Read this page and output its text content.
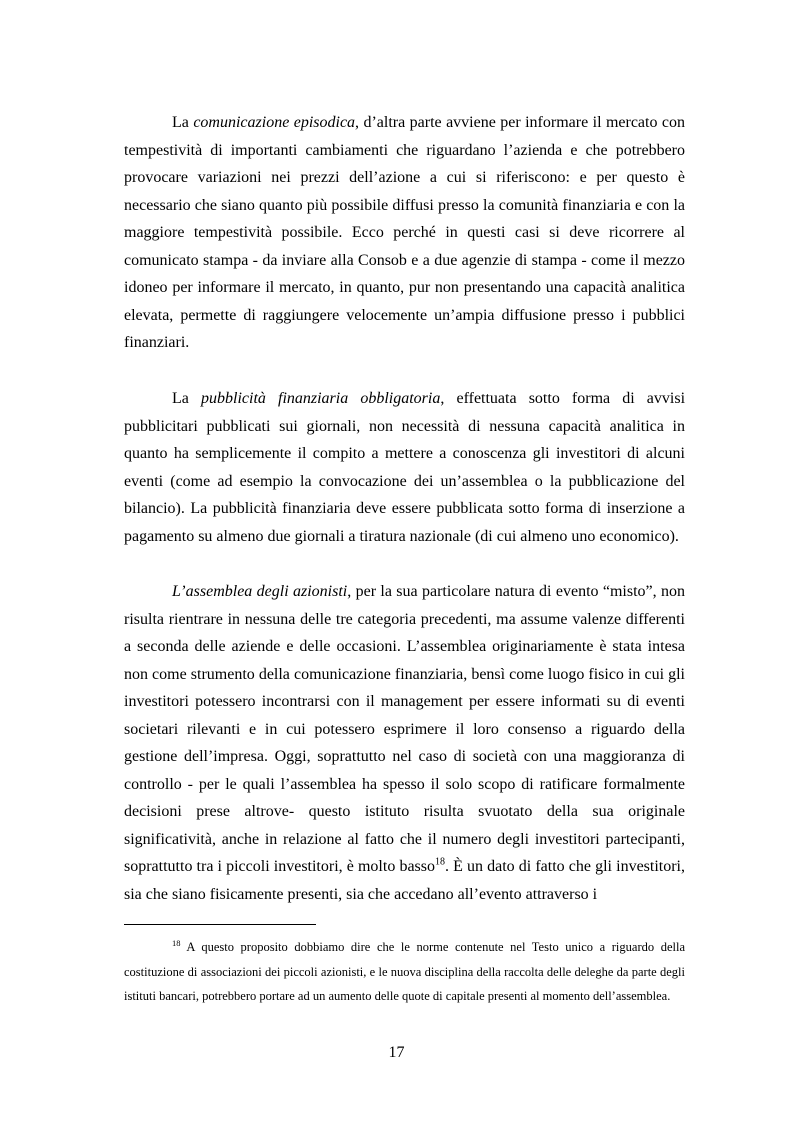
La comunicazione episodica, d’altra parte avviene per informare il mercato con tempestività di importanti cambiamenti che riguardano l’azienda e che potrebbero provocare variazioni nei prezzi dell’azione a cui si riferiscono: e per questo è necessario che siano quanto più possibile diffusi presso la comunità finanziaria e con la maggiore tempestività possibile. Ecco perché in questi casi si deve ricorrere al comunicato stampa - da inviare alla Consob e a due agenzie di stampa - come il mezzo idoneo per informare il mercato, in quanto, pur non presentando una capacità analitica elevata, permette di raggiungere velocemente un’ampia diffusione presso i pubblici finanziari.

La pubblicità finanziaria obbligatoria, effettuata sotto forma di avvisi pubblicitari pubblicati sui giornali, non necessità di nessuna capacità analitica in quanto ha semplicemente il compito a mettere a conoscenza gli investitori di alcuni eventi (come ad esempio la convocazione dei un’assemblea o la pubblicazione del bilancio). La pubblicità finanziaria deve essere pubblicata sotto forma di inserzione a pagamento su almeno due giornali a tiratura nazionale (di cui almeno uno economico).

L’assemblea degli azionisti, per la sua particolare natura di evento “misto”, non risulta rientrare in nessuna delle tre categoria precedenti, ma assume valenze differenti a seconda delle aziende e delle occasioni. L’assemblea originariamente è stata intesa non come strumento della comunicazione finanziaria, bensì come luogo fisico in cui gli investitori potessero incontrarsi con il management per essere informati su di eventi societari rilevanti e in cui potessero esprimere il loro consenso a riguardo della gestione dell’impresa. Oggi, soprattutto nel caso di società con una maggioranza di controllo - per le quali l’assemblea ha spesso il solo scopo di ratificare formalmente decisioni prese altrove- questo istituto risulta svuotato della sua originale significatività, anche in relazione al fatto che il numero degli investitori partecipanti, soprattutto tra i piccoli investitori, è molto basso$^{18}$. È un dato di fatto che gli investitori, sia che siano fisicamente presenti, sia che accedano all’evento attraverso i

$^{18}$ A questo proposito dobbiamo dire che le norme contenute nel Testo unico a riguardo della costituzione di associazioni dei piccoli azionisti, e le nuova disciplina della raccolta delle deleghe da parte degli istituti bancari, potrebbero portare ad un aumento delle quote di capitale presenti al momento dell’assemblea.

17
